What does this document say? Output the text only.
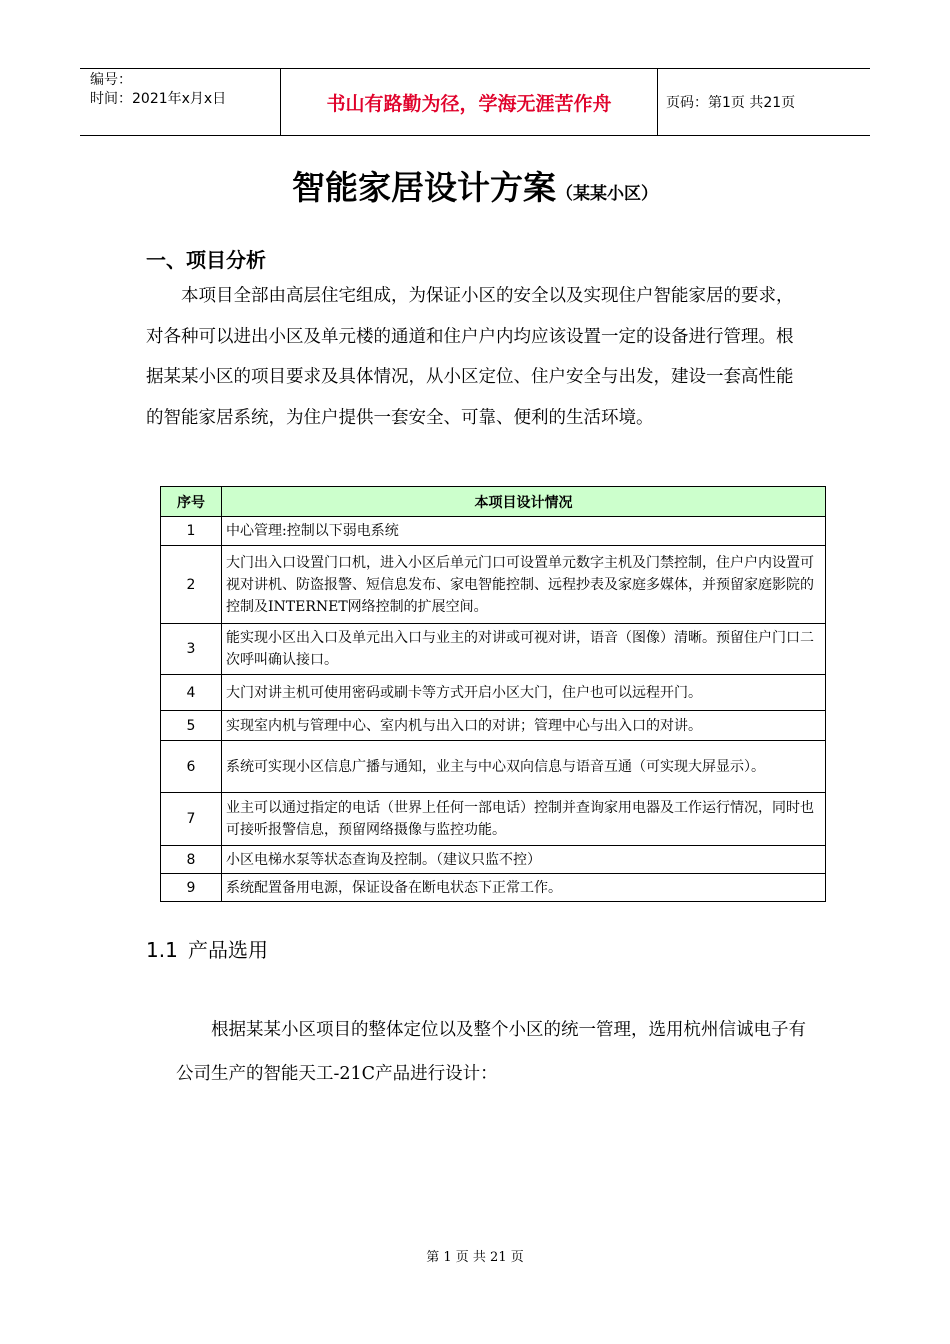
编号：
时间：2021年x月x日	书山有路勤为径，学海无涯苦作舟	页码：第1页 共21页
智能家居设计方案（某某小区）
一、项目分析
本项目全部由高层住宅组成，为保证小区的安全以及实现住户智能家居的要求，对各种可以进出小区及单元楼的通道和住户户内均应该设置一定的设备进行管理。根据某某小区的项目要求及具体情况，从小区定位、住户安全与出发，建设一套高性能的智能家居系统，为住户提供一套安全、可靠、便利的生活环境。
序号	本项目设计情况
1	中心管理:控制以下弱电系统
2	大门出入口设置门口机，进入小区后单元门口可设置单元数字主机及门禁控制，住户户内设置可视对讲机、防盗报警、短信息发布、家电智能控制、远程抄表及家庭多媒体，并预留家庭影院的控制及INTERNET网络控制的扩展空间。
3	能实现小区出入口及单元出入口与业主的对讲或可视对讲，语音（图像）清晰。预留住户门口二次呼叫确认接口。
4	大门对讲主机可使用密码或刷卡等方式开启小区大门，住户也可以远程开门。
5	实现室内机与管理中心、室内机与出入口的对讲；管理中心与出入口的对讲。
6	系统可实现小区信息广播与通知，业主与中心双向信息与语音互通（可实现大屏显示）。
7	业主可以通过指定的电话（世界上任何一部电话）控制并查询家用电器及工作运行情况，同时也可接听报警信息，预留网络摄像与监控功能。
8	小区电梯水泵等状态查询及控制。（建议只监不控）
9	系统配置备用电源，保证设备在断电状态下正常工作。
1.1 产品选用
根据某某小区项目的整体定位以及整个小区的统一管理，选用杭州信诚电子有公司生产的智能天工-21C产品进行设计：
第 1 页 共 21 页
